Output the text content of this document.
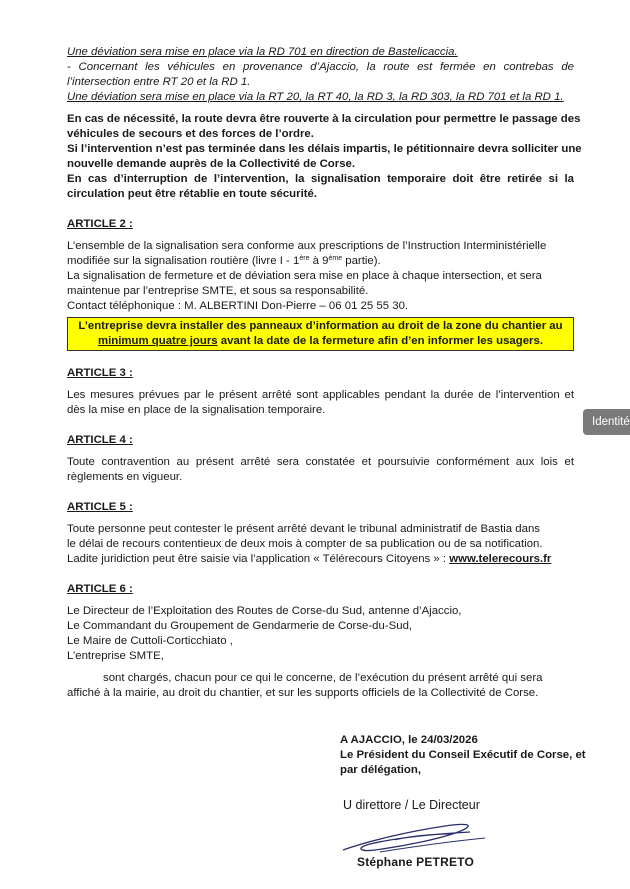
Une déviation sera mise en place via la RD 701 en direction de Bastelicaccia.
- Concernant les véhicules en provenance d’Ajaccio, la route est fermée en contrebas de
l’intersection entre RT 20 et la RD 1.
Une déviation sera mise en place via la RT 20, la RT 40, la RD 3, la RD 303, la RD 701 et la RD 1.
En cas de nécessité, la route devra être rouverte à la circulation pour permettre le passage des
véhicules de secours et des forces de l’ordre.
Si l’intervention n’est pas terminée dans les délais impartis, le pétitionnaire devra solliciter une
nouvelle demande auprès de la Collectivité de Corse.
En cas d’interruption de l’intervention, la signalisation temporaire doit être retirée si la
circulation peut être rétablie en toute sécurité.
ARTICLE 2 :
L’ensemble de la signalisation sera conforme aux prescriptions de l’Instruction Interministérielle
modifiée sur la signalisation routière (livre I - 1ère à 9ème partie).
La signalisation de fermeture et de déviation sera mise en place à chaque intersection, et sera
maintenue par l’entreprise SMTE, et sous sa responsabilité.
Contact téléphonique : M. ALBERTINI Don-Pierre – 06 01 25 55 30.
L’entreprise devra installer des panneaux d’information au droit de la zone du chantier au
minimum quatre jours avant la date de la fermeture afin d’en informer les usagers.
ARTICLE 3 :
Les mesures prévues par le présent arrêté sont applicables pendant la durée de l’intervention et
dès la mise en place de la signalisation temporaire.
ARTICLE 4 :
Toute contravention au présent arrêté sera constatée et poursuivie conformément aux lois et
règlements en vigueur.
ARTICLE 5 :
Toute personne peut contester le présent arrêté devant le tribunal administratif de Bastia dans
le délai de recours contentieux de deux mois à compter de sa publication ou de sa notification.
Ladite juridiction peut être saisie via l’application « Télérecours Citoyens » : www.telerecours.fr
ARTICLE 6 :
Le Directeur de l’Exploitation des Routes de Corse-du Sud, antenne d’Ajaccio,
Le Commandant du Groupement de Gendarmerie de Corse-du-Sud,
Le Maire de Cuttoli-Corticchiato ,
L’entreprise SMTE,
sont chargés, chacun pour ce qui le concerne, de l’exécution du présent arrêté qui sera
affiché à la mairie, au droit du chantier, et sur les supports officiels de la Collectivité de Corse.
A AJACCIO, le 24/03/2026
Le Président du Conseil Exécutif de Corse, et
par délégation,
U direttore / Le Directeur
Stéphane PETRETO
Identité
